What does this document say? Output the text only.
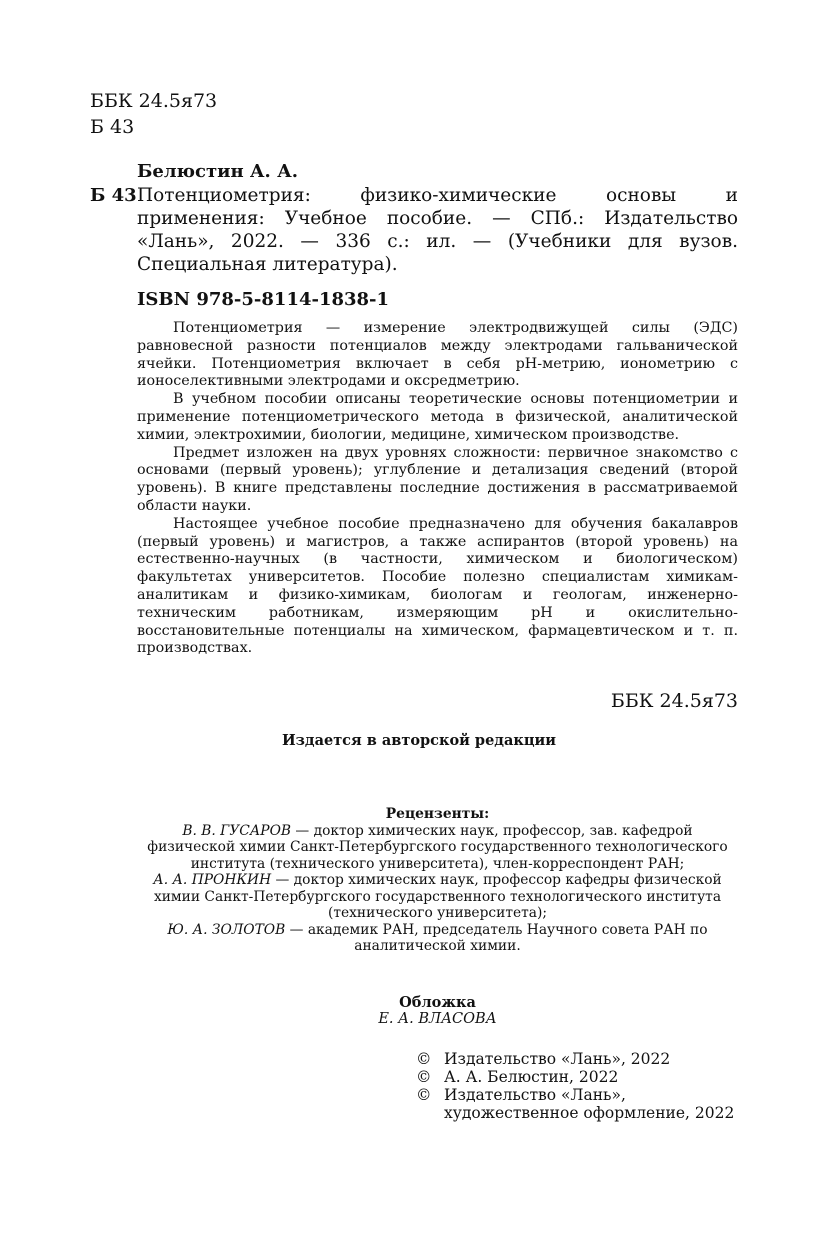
ББК 24.5я73
Б 43
Белюстин А. А.
Б 43 Потенциометрия: физико-химические основы и применения: Учебное пособие. — СПб.: Издательство «Лань», 2022. — 336 с.: ил. — (Учебники для вузов. Специальная литература).
ISBN 978-5-8114-1838-1

Потенциометрия — измерение электродвижущей силы (ЭДС) равновесной разности потенциалов между электродами гальванической ячейки. Потенциометрия включает в себя pH-метрию, ионометрию с ионоселективными электродами и оксредметрию.

В учебном пособии описаны теоретические основы потенциометрии и применение потенциометрического метода в физической, аналитической химии, электрохимии, биологии, медицине, химическом производстве.

Предмет изложен на двух уровнях сложности: первичное знакомство с основами (первый уровень); углубление и детализация сведений (второй уровень). В книге представлены последние достижения в рассматриваемой области науки.

Настоящее учебное пособие предназначено для обучения бакалавров (первый уровень) и магистров, а также аспирантов (второй уровень) на естественно-научных (в частности, химическом и биологическом) факультетах университетов. Пособие полезно специалистам химикам-аналитикам и физико-химикам, биологам и геологам, инженерно-техническим работникам, измеряющим pH и окислительно-восстановительные потенциалы на химическом, фармацевтическом и т. п. производствах.

ББК 24.5я73
Издается в авторской редакции
Рецензенты:
В. В. ГУСАРОВ — доктор химических наук, профессор, зав. кафедрой физической химии Санкт-Петербургского государственного технологического института (технического университета), член-корреспондент РАН;
А. А. ПРОНКИН — доктор химических наук, профессор кафедры физической химии Санкт-Петербургского государственного технологического института (технического университета);
Ю. А. ЗОЛОТОВ — академик РАН, председатель Научного совета РАН по аналитической химии.
Обложка
Е. А. ВЛАСОВА
© Издательство «Лань», 2022
© А. А. Белюстин, 2022
© Издательство «Лань»,
художественное оформление, 2022
